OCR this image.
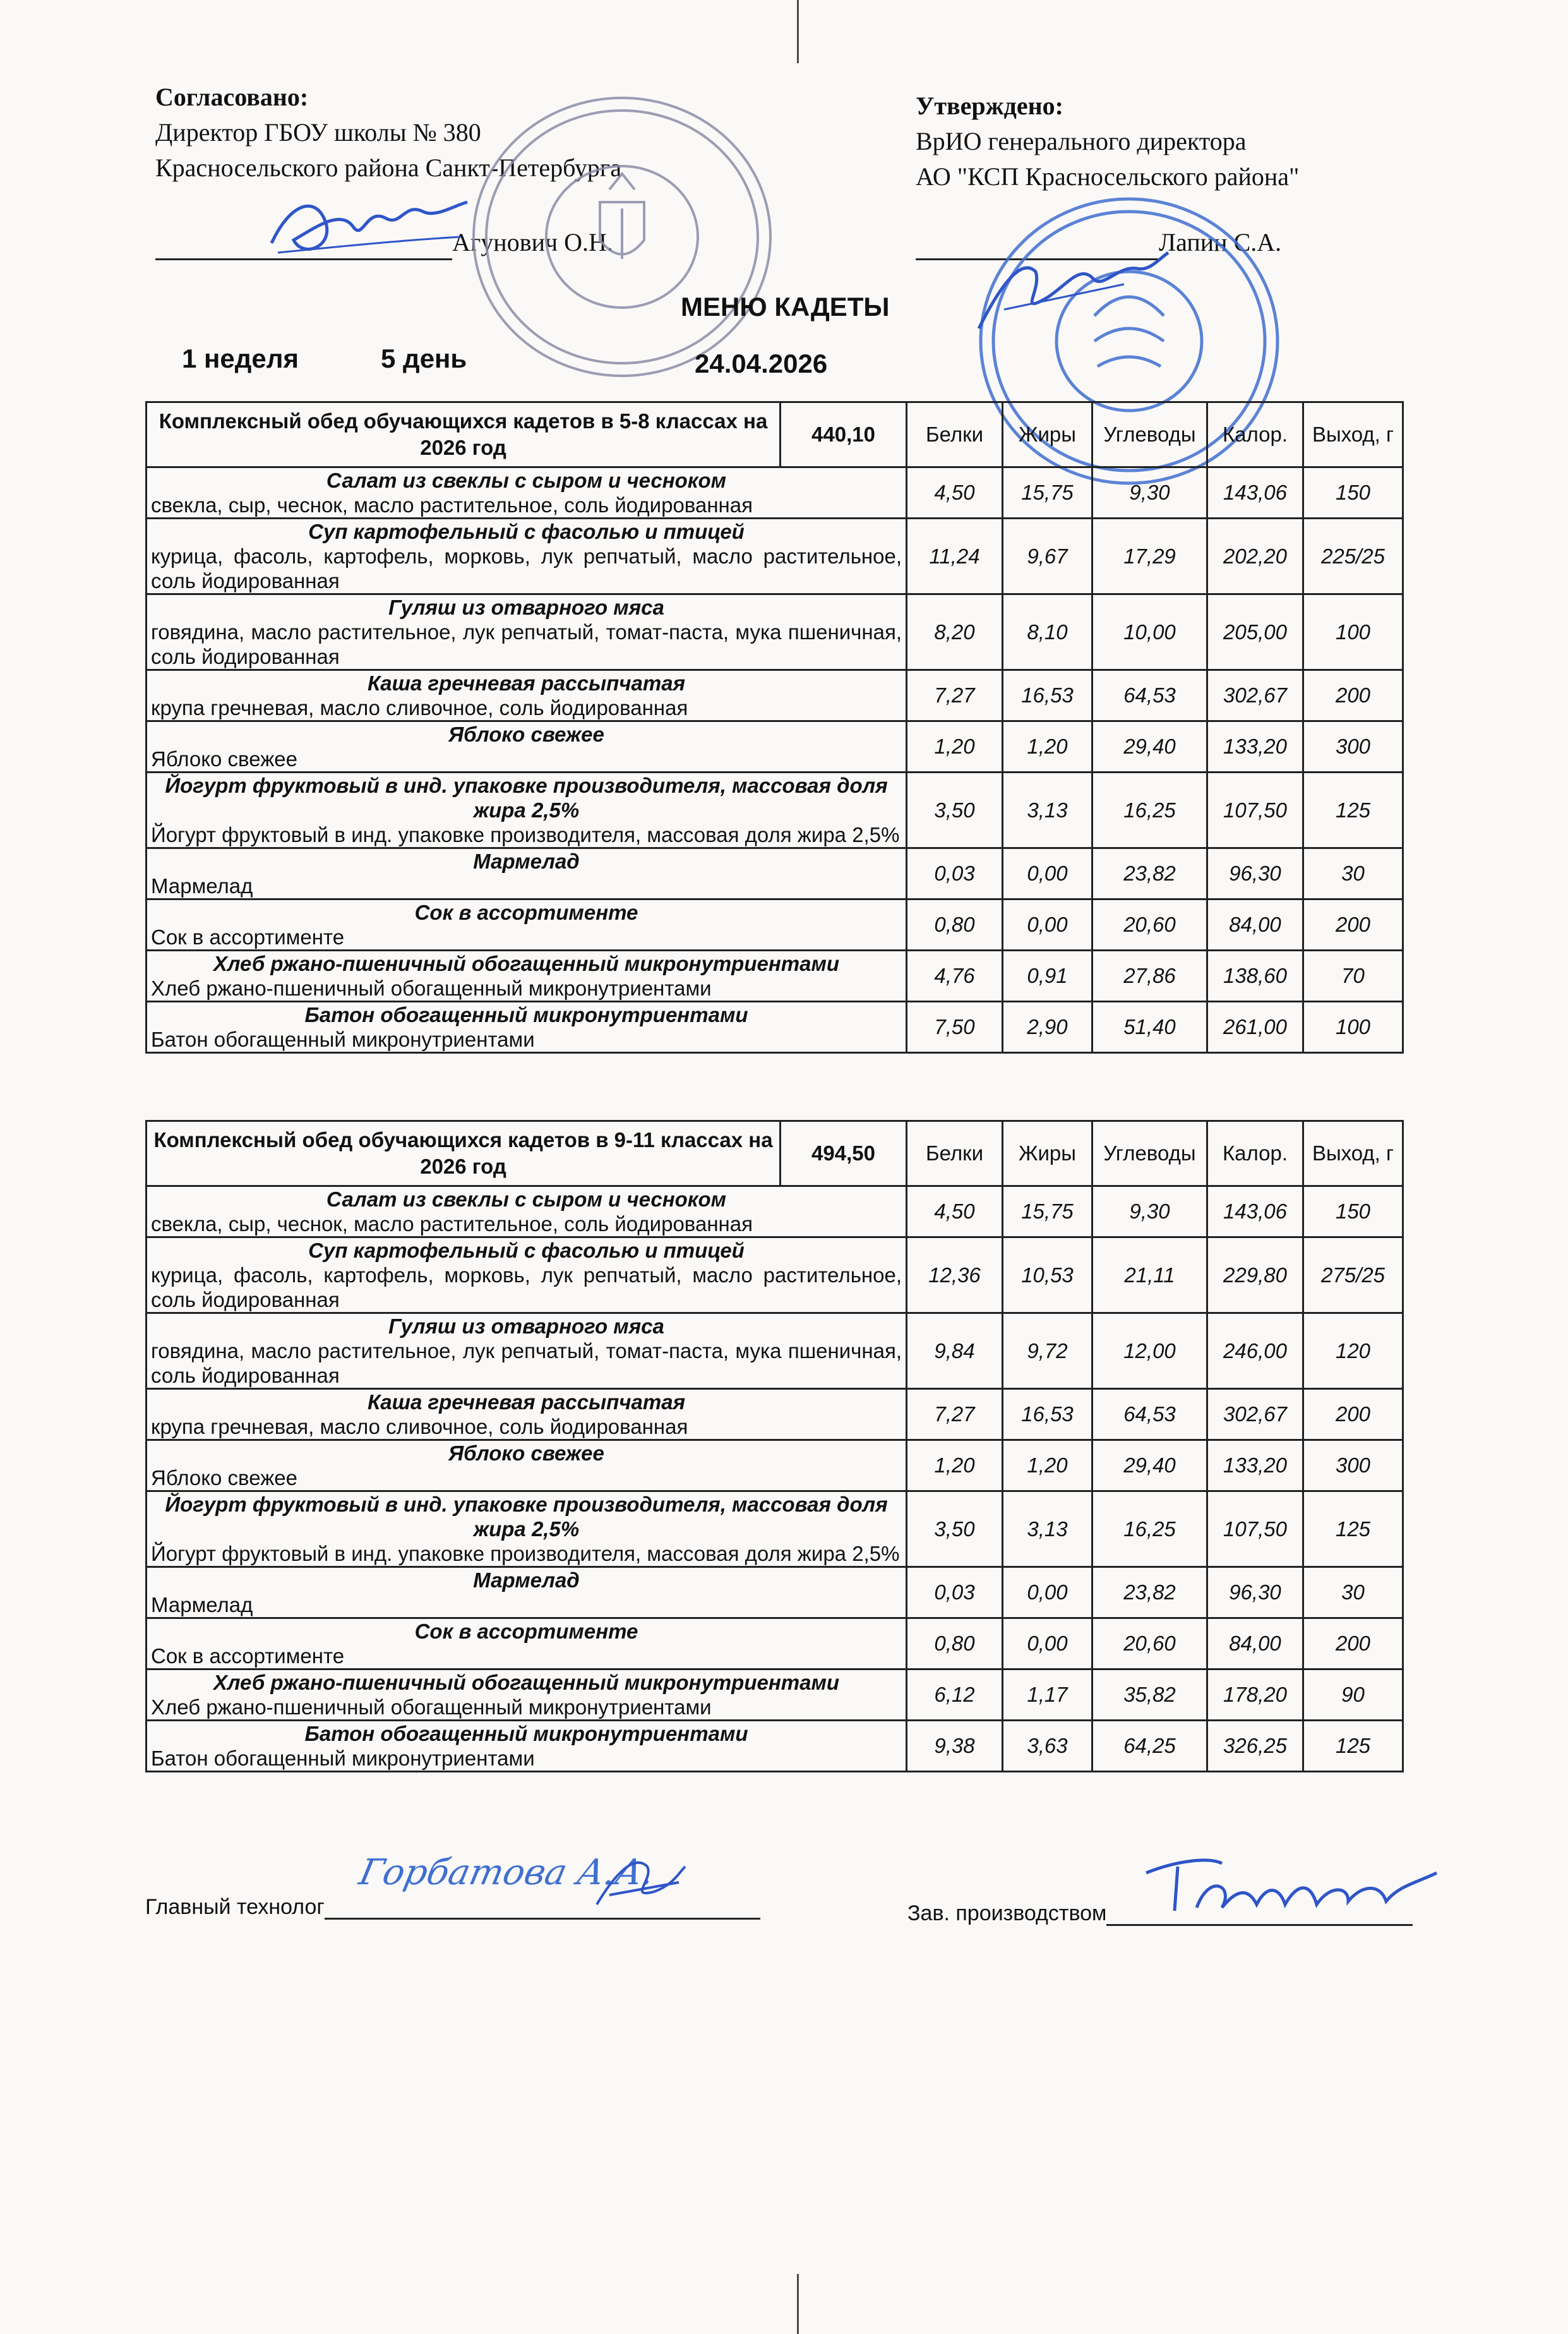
Согласовано:
Директор ГБОУ школы № 380
Красносельского района Санкт-Петербурга
Агунович О.Н.
Утверждено:
ВрИО генерального директора
АО "КСП Красносельского района"
Лапин С.А.
МЕНЮ КАДЕТЫ
1 неделя	5 день	24.04.2026
Комплексный обед обучающихся кадетов в 5-8 классах на 2026 год	440,10	Белки	Жиры	Углеводы	Калор.	Выход, г

Салат из свеклы с сыром и чесноком
свекла, сыр, чеснок, масло растительное, соль йодированная		4,50	15,75	9,30	143,06	150

Суп картофельный с фасолью и птицей
курица, фасоль, картофель, морковь, лук репчатый, масло растительное, соль йодированная		11,24	9,67	17,29	202,20	225/25

Гуляш из отварного мяса
говядина, масло растительное, лук репчатый, томат-паста, мука пшеничная, соль йодированная		8,20	8,10	10,00	205,00	100

Каша гречневая рассыпчатая
крупа гречневая, масло сливочное, соль йодированная		7,27	16,53	64,53	302,67	200

Яблоко свежее
Яблоко свежее		1,20	1,20	29,40	133,20	300

Йогурт фруктовый в инд. упаковке производителя, массовая доля жира 2,5%
Йогурт фруктовый в инд. упаковке производителя, массовая доля жира 2,5%		3,50	3,13	16,25	107,50	125

Мармелад
Мармелад		0,03	0,00	23,82	96,30	30

Сок в ассортименте
Сок в ассортименте		0,80	0,00	20,60	84,00	200

Хлеб ржано-пшеничный обогащенный микронутриентами
Хлеб ржано-пшеничный обогащенный микронутриентами		4,76	0,91	27,86	138,60	70

Батон обогащенный микронутриентами
Батон обогащенный микронутриентами		7,50	2,90	51,40	261,00	100
Комплексный обед обучающихся кадетов в 9-11 классах на 2026 год	494,50	Белки	Жиры	Углеводы	Калор.	Выход, г

Салат из свеклы с сыром и чесноком
свекла, сыр, чеснок, масло растительное, соль йодированная		4,50	15,75	9,30	143,06	150

Суп картофельный с фасолью и птицей
курица, фасоль, картофель, морковь, лук репчатый, масло растительное, соль йодированная		12,36	10,53	21,11	229,80	275/25

Гуляш из отварного мяса
говядина, масло растительное, лук репчатый, томат-паста, мука пшеничная, соль йодированная		9,84	9,72	12,00	246,00	120

Каша гречневая рассыпчатая
крупа гречневая, масло сливочное, соль йодированная		7,27	16,53	64,53	302,67	200

Яблоко свежее
Яблоко свежее		1,20	1,20	29,40	133,20	300

Йогурт фруктовый в инд. упаковке производителя, массовая доля жира 2,5%
Йогурт фруктовый в инд. упаковке производителя, массовая доля жира 2,5%		3,50	3,13	16,25	107,50	125

Мармелад
Мармелад		0,03	0,00	23,82	96,30	30

Сок в ассортименте
Сок в ассортименте		0,80	0,00	20,60	84,00	200

Хлеб ржано-пшеничный обогащенный микронутриентами
Хлеб ржано-пшеничный обогащенный микронутриентами		6,12	1,17	35,82	178,20	90

Батон обогащенный микронутриентами
Батон обогащенный микронутриентами		9,38	3,63	64,25	326,25	125
Главный технолог
Горбатова А.А.
Зав. производством
